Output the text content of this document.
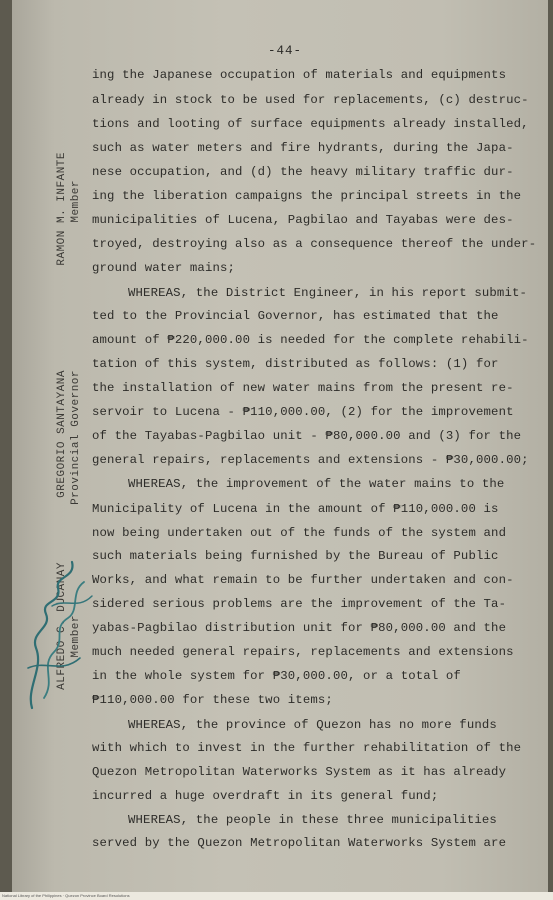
-44-
ing the Japanese occupation of materials and equipments
already in stock to be used for replacements, (c) destruc-
tions and looting of surface equipments already installed,
such as water meters and fire hydrants, during the Japa-
nese occupation, and (d) the heavy military traffic dur-
ing the liberation campaigns the principal streets in the
municipalities of Lucena, Pagbilao and Tayabas were des-
troyed, destroying also as a consequence thereof the under-
ground water mains;
WHEREAS, the District Engineer, in his report submit-
ted to the Provincial Governor, has estimated that the
amount of ₱220,000.00 is needed for the complete rehabili-
tation of this system, distributed as follows: (1) for
the installation of new water mains from the present re-
servoir to Lucena - ₱110,000.00, (2) for the improvement
of the Tayabas-Pagbilao unit - ₱80,000.00 and (3) for the
general repairs, replacements and extensions - ₱30,000.00;
WHEREAS, the improvement of the water mains to the
Municipality of Lucena in the amount of ₱110,000.00 is
now being undertaken out of the funds of the system and
such materials being furnished by the Bureau of Public
Works, and what remain to be further undertaken and con-
sidered serious problems are the improvement of the Ta-
yabas-Pagbilao distribution unit for ₱80,000.00 and the
much needed general repairs, replacements and extensions
in the whole system for ₱30,000.00, or a total of
₱110,000.00 for these two items;
WHEREAS, the province of Quezon has no more funds
with which to invest in the further rehabilitation of the
Quezon Metropolitan Waterworks System as it has already
incurred a huge overdraft in its general fund;
WHEREAS, the people in these three municipalities
served by the Quezon Metropolitan Waterworks System are
RAMON M. INFANTE Member
GREGORIO SANTAYANA Provincial Governor
ALFREDO C. DUCANAY Member
National Library of the Philippines · Quezon Province Board Resolutions
